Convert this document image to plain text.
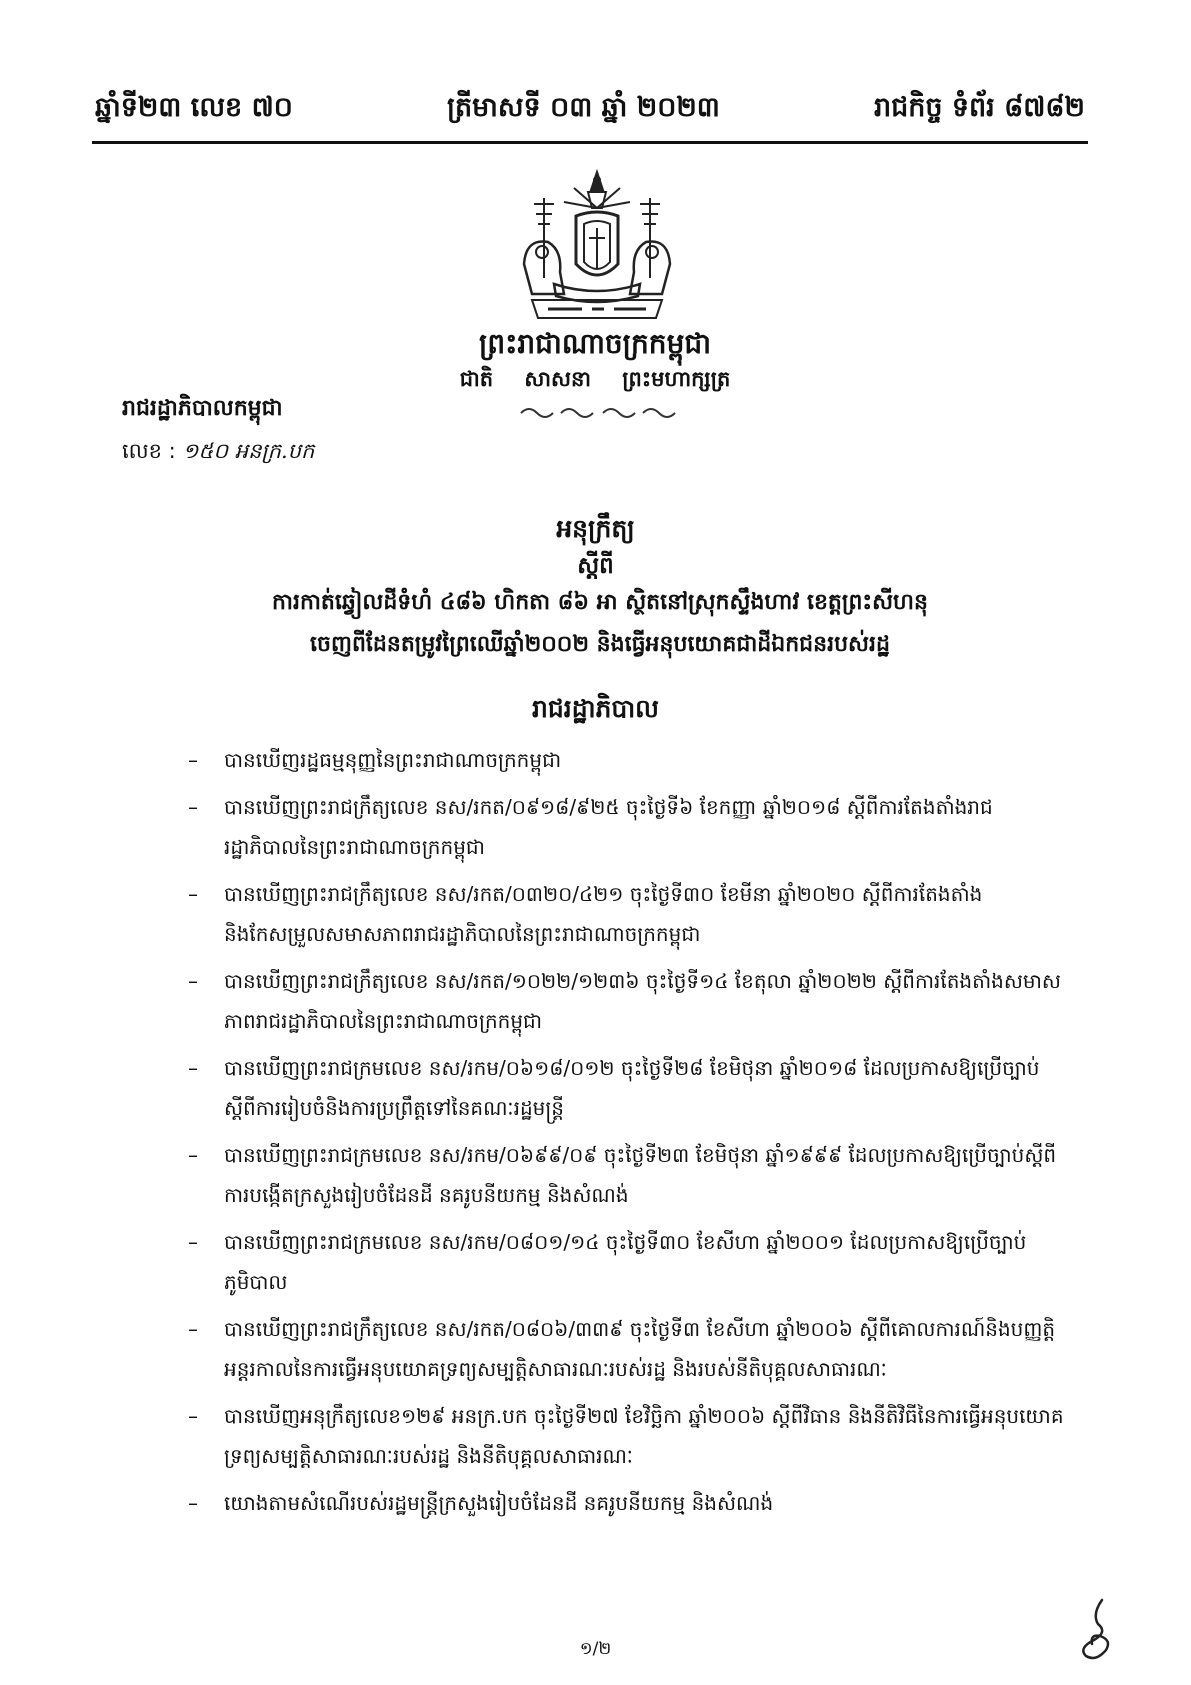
ឆ្នាំទី២៣ លេខ ៧០	ត្រីមាសទី ០៣ ឆ្នាំ ២០២៣	រាជកិច្ច ទំព័រ ៨៧៨២
ព្រះរាជាណាចក្រកម្ពុជា
ជាតិ សាសនា ព្រះមហាក្សត្រ
រាជរដ្ឋាភិបាលកម្ពុជា
លេខ : ១៥០ អនក្រ.បក
អនុក្រឹត្យ
ស្តីពី
ការកាត់ឆ្វៀលដីទំហំ ៤៨៦ ហិកតា ៨៦ អា ស្ថិតនៅស្រុកស្ទឹងហាវ ខេត្តព្រះសីហនុ
ចេញពីដែនតម្រូវព្រៃឈើឆ្នាំ២០០២ និងធ្វើអនុបយោគជាដីឯកជនរបស់រដ្ឋ
រាជរដ្ឋាភិបាល
– បានឃើញរដ្ឋធម្មនុញ្ញនៃព្រះរាជាណាចក្រកម្ពុជា
– បានឃើញព្រះរាជក្រឹត្យលេខ នស/រកត/០៩១៨/៩២៥ ចុះថ្ងៃទី៦ ខែកញ្ញា ឆ្នាំ២០១៨ ស្តីពីការតែងតាំងរាជរដ្ឋាភិបាលនៃព្រះរាជាណាចក្រកម្ពុជា
– បានឃើញព្រះរាជក្រឹត្យលេខ នស/រកត/០៣២០/៤២១ ចុះថ្ងៃទី៣០ ខែមីនា ឆ្នាំ២០២០ ស្តីពីការតែងតាំងនិងកែសម្រួលសមាសភាពរាជរដ្ឋាភិបាលនៃព្រះរាជាណាចក្រកម្ពុជា
– បានឃើញព្រះរាជក្រឹត្យលេខ នស/រកត/១០២២/១២៣៦ ចុះថ្ងៃទី១៤ ខែតុលា ឆ្នាំ២០២២ ស្តីពីការតែងតាំងសមាសភាពរាជរដ្ឋាភិបាលនៃព្រះរាជាណាចក្រកម្ពុជា
– បានឃើញព្រះរាជក្រមលេខ នស/រកម/០៦១៨/០១២ ចុះថ្ងៃទី២៨ ខែមិថុនា ឆ្នាំ២០១៨ ដែលប្រកាសឱ្យប្រើច្បាប់ស្តីពីការរៀបចំនិងការប្រព្រឹត្តទៅនៃគណៈរដ្ឋមន្ត្រី
– បានឃើញព្រះរាជក្រមលេខ នស/រកម/០៦៩៩/០៩ ចុះថ្ងៃទី២៣ ខែមិថុនា ឆ្នាំ១៩៩៩ ដែលប្រកាសឱ្យប្រើច្បាប់ស្តីពីការបង្កើតក្រសួងរៀបចំដែនដី នគរូបនីយកម្ម និងសំណង់
– បានឃើញព្រះរាជក្រមលេខ នស/រកម/០៨០១/១៤ ចុះថ្ងៃទី៣០ ខែសីហា ឆ្នាំ២០០១ ដែលប្រកាសឱ្យប្រើច្បាប់ភូមិបាល
– បានឃើញព្រះរាជក្រឹត្យលេខ នស/រកត/០៨០៦/៣៣៩ ចុះថ្ងៃទី៣ ខែសីហា ឆ្នាំ២០០៦ ស្តីពីគោលការណ៍និងបញ្ញត្តិអន្តរកាលនៃការធ្វើអនុបយោគទ្រព្យសម្បត្តិសាធារណៈរបស់រដ្ឋ និងរបស់នីតិបុគ្គលសាធារណៈ
– បានឃើញអនុក្រឹត្យលេខ១២៩ អនក្រ.បក ចុះថ្ងៃទី២៧ ខែវិច្ឆិកា ឆ្នាំ២០០៦ ស្តីពីវិធាន និងនីតិវិធីនៃការធ្វើអនុបយោគទ្រព្យសម្បត្តិសាធារណៈរបស់រដ្ឋ និងនីតិបុគ្គលសាធារណៈ
– យោងតាមសំណើរបស់រដ្ឋមន្ត្រីក្រសួងរៀបចំដែនដី នគរូបនីយកម្ម និងសំណង់
១/២
